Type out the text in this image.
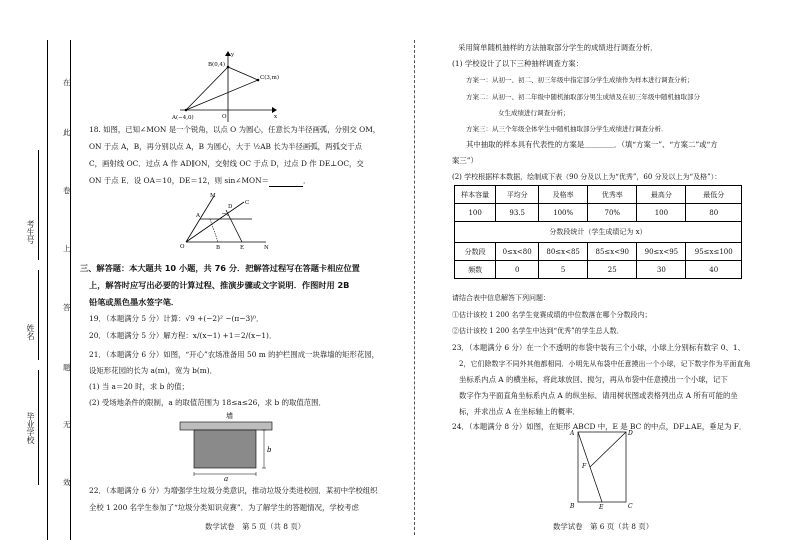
在
此
卷
上
答
题
无
效
考生号
姓名
毕业学校
B(0,4)
C(3,m)
A(−4,0)	O	x
y
18. 如图，已知∠MON 是一个锐角，以点 O 为圆心，任意长为半径画弧，分别交 OM，
ON 于点 A，B，再分别以点 A，B 为圆心，大于 ½AB 长为半径画弧，两弧交于点
C，画射线 OC．过点 A 作 AD∥ON，交射线 OC 于点 D，过点 D 作 DE⊥OC，交
ON 于点 E．设 OA＝10，DE＝12，则 sin∠MON＝	．
M
D
A
C
O	B	E	N
三、解答题：本大题共 10 小题，共 76 分．把解答过程写在答题卡相应位置
上，解答时应写出必要的计算过程、推演步骤或文字说明．作图时用 2B
铅笔或黑色墨水签字笔．
19．（本题满分 5 分）计算：√9 +(−2)² −(π−3)⁰．
20．（本题满分 5 分）解方程：x/(x−1) +1＝2/(x−1)．
21．（本题满分 6 分）如图，“开心”农场准备用 50 m 的护栏围成一块靠墙的矩形花园，
设矩形花园的长为 a(m)，宽为 b(m)．
(1) 当 a＝20 时，求 b 的值；
(2) 受场地条件的限制，a 的取值范围为 18≤a≤26，求 b 的取值范围．
墙
b
a
22．（本题满分 6 分）为增强学生垃圾分类意识，推动垃圾分类进校园．某初中学校组织
全校 1 200 名学生参加了“垃圾分类知识竞赛”．为了解学生的答题情况，学校考虑
数学试卷　第 5 页（共 8 页）
采用简单随机抽样的方法抽取部分学生的成绩进行调查分析．
(1) 学校设计了以下三种抽样调查方案：
方案一：从初一、初二、初三年级中指定部分学生成绩作为样本进行调查分析；
方案二：从初一、初二年级中随机抽取部分男生成绩及在初三年级中随机抽取部分
女生成绩进行调查分析；
方案三：从三个年级全体学生中随机抽取部分学生成绩进行调查分析．
其中抽取的样本具有代表性的方案是＿＿＿＿．（填“方案一”、“方案二”或“方
案三”）
(2) 学校根据样本数据，绘制成下表（90 分及以上为“优秀”，60 分及以上为“及格”）：
样本容量	平均分	及格率	优秀率	最高分	最低分
100	93.5	100%	70%	100	80
分数段统计（学生成绩记为 x）					
分数段	0≤x<80	80≤x<85	85≤x<90	90≤x<95	95≤x≤100
频数	0	5	25	30	40
请结合表中信息解答下列问题：
①估计该校 1 200 名学生竞赛成绩的中位数落在哪个分数段内；
②估计该校 1 200 名学生中达到“优秀”的学生总人数．
23．（本题满分 6 分）在一个不透明的布袋中装有三个小球，小球上分别标有数字 0、1、
2，它们除数字不同外其他都相同．小明先从布袋中任意摸出一个小球，记下数字作为平面直角
坐标系内点 A 的横坐标，将此球放回、搅匀，再从布袋中任意摸出一个小球，记下
数字作为平面直角坐标系内点 A 的纵坐标．请用树状图或表格列出点 A 所有可能的坐
标，并求出点 A 在坐标轴上的概率．
24．（本题满分 8 分）如图，在矩形 ABCD 中，E 是 BC 的中点，DF⊥AE，垂足为 F．
A	D
F
B	E	C
数学试卷　第 6 页（共 8 页）
